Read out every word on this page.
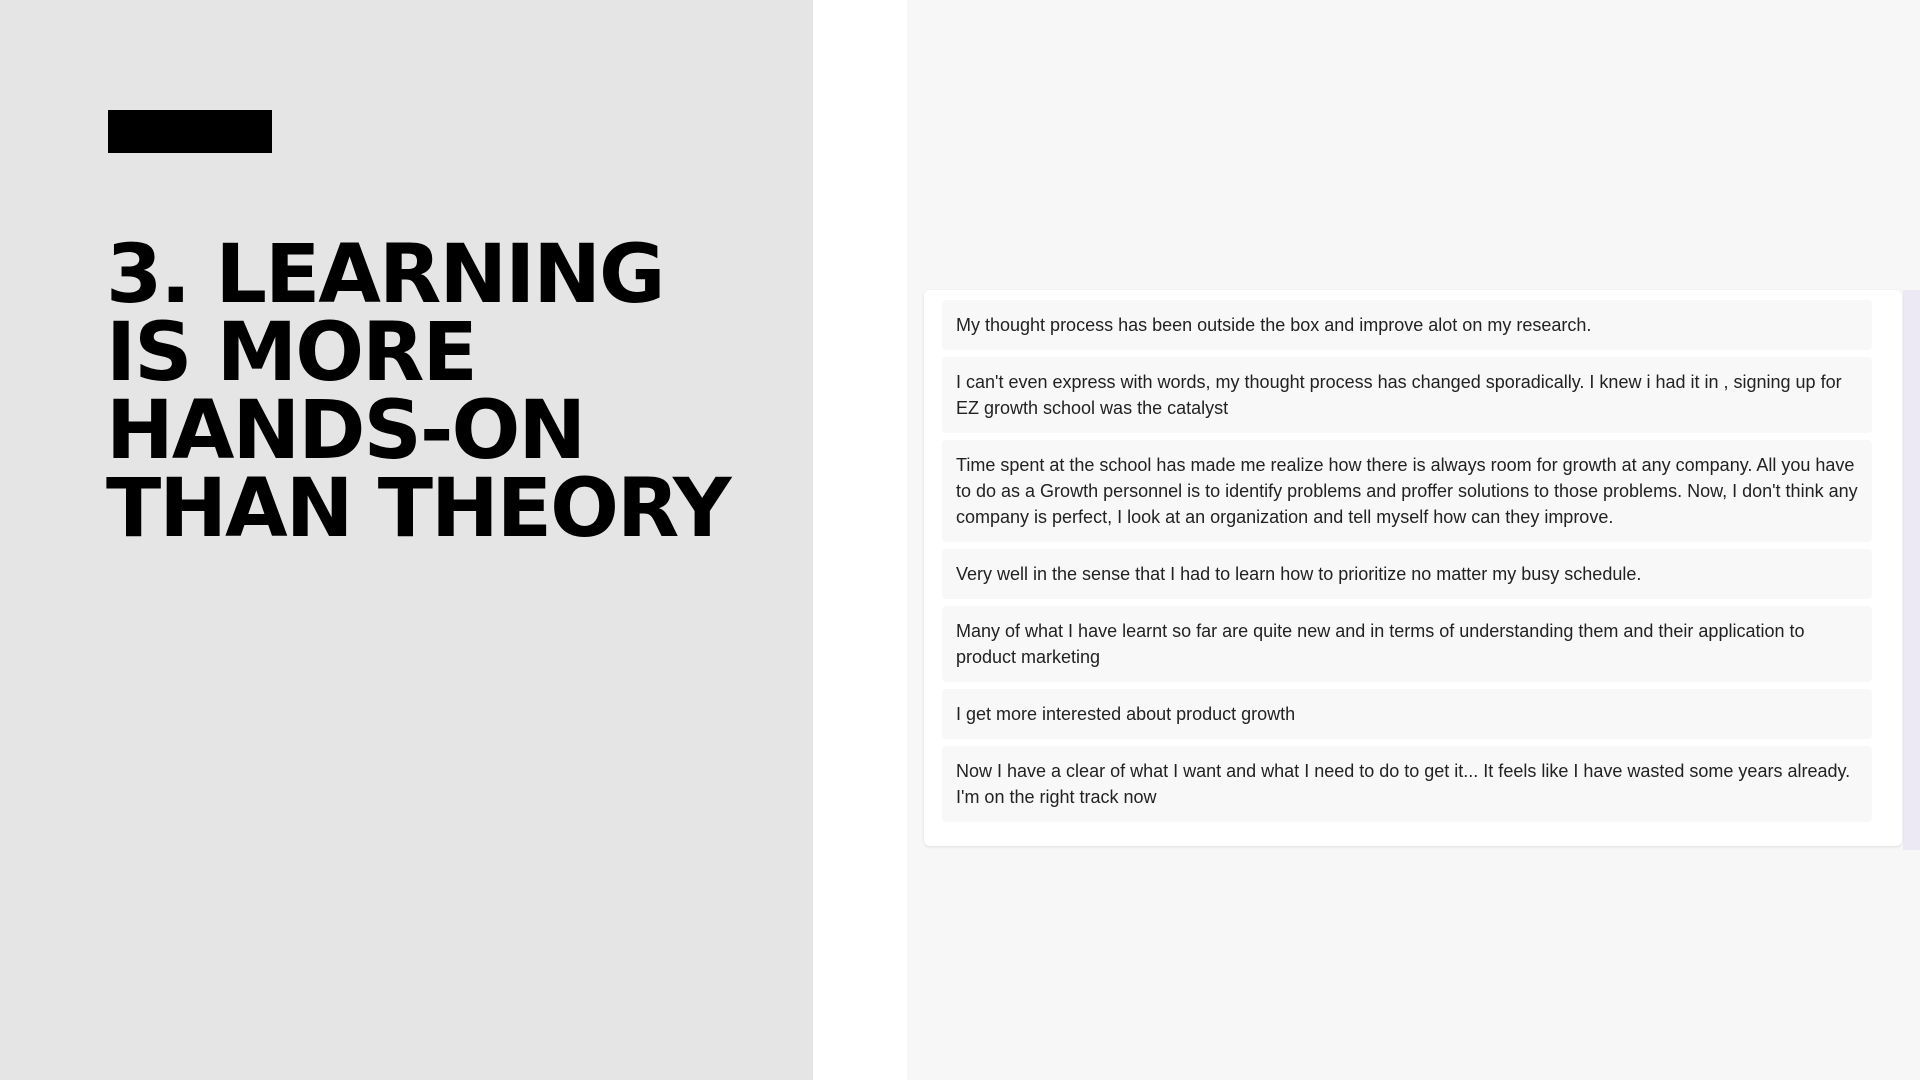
3. LEARNING
IS MORE
HANDS-ON
THAN THEORY
My thought process has been outside the box and improve alot on my research.
I can't even express with words, my thought process has changed sporadically. I knew i had it in , signing up for EZ growth school was the catalyst
Time spent at the school has made me realize how there is always room for growth at any company. All you have to do as a Growth personnel is to identify problems and proffer solutions to those problems. Now, I don't think any company is perfect, I look at an organization and tell myself how can they improve.
Very well in the sense that I had to learn how to prioritize no matter my busy schedule.
Many of what I have learnt so far are quite new and in terms of understanding them and their application to product marketing
I get more interested about product growth
Now I have a clear of what I want and what I need to do to get it... It feels like I have wasted some years already. I'm on the right track now
